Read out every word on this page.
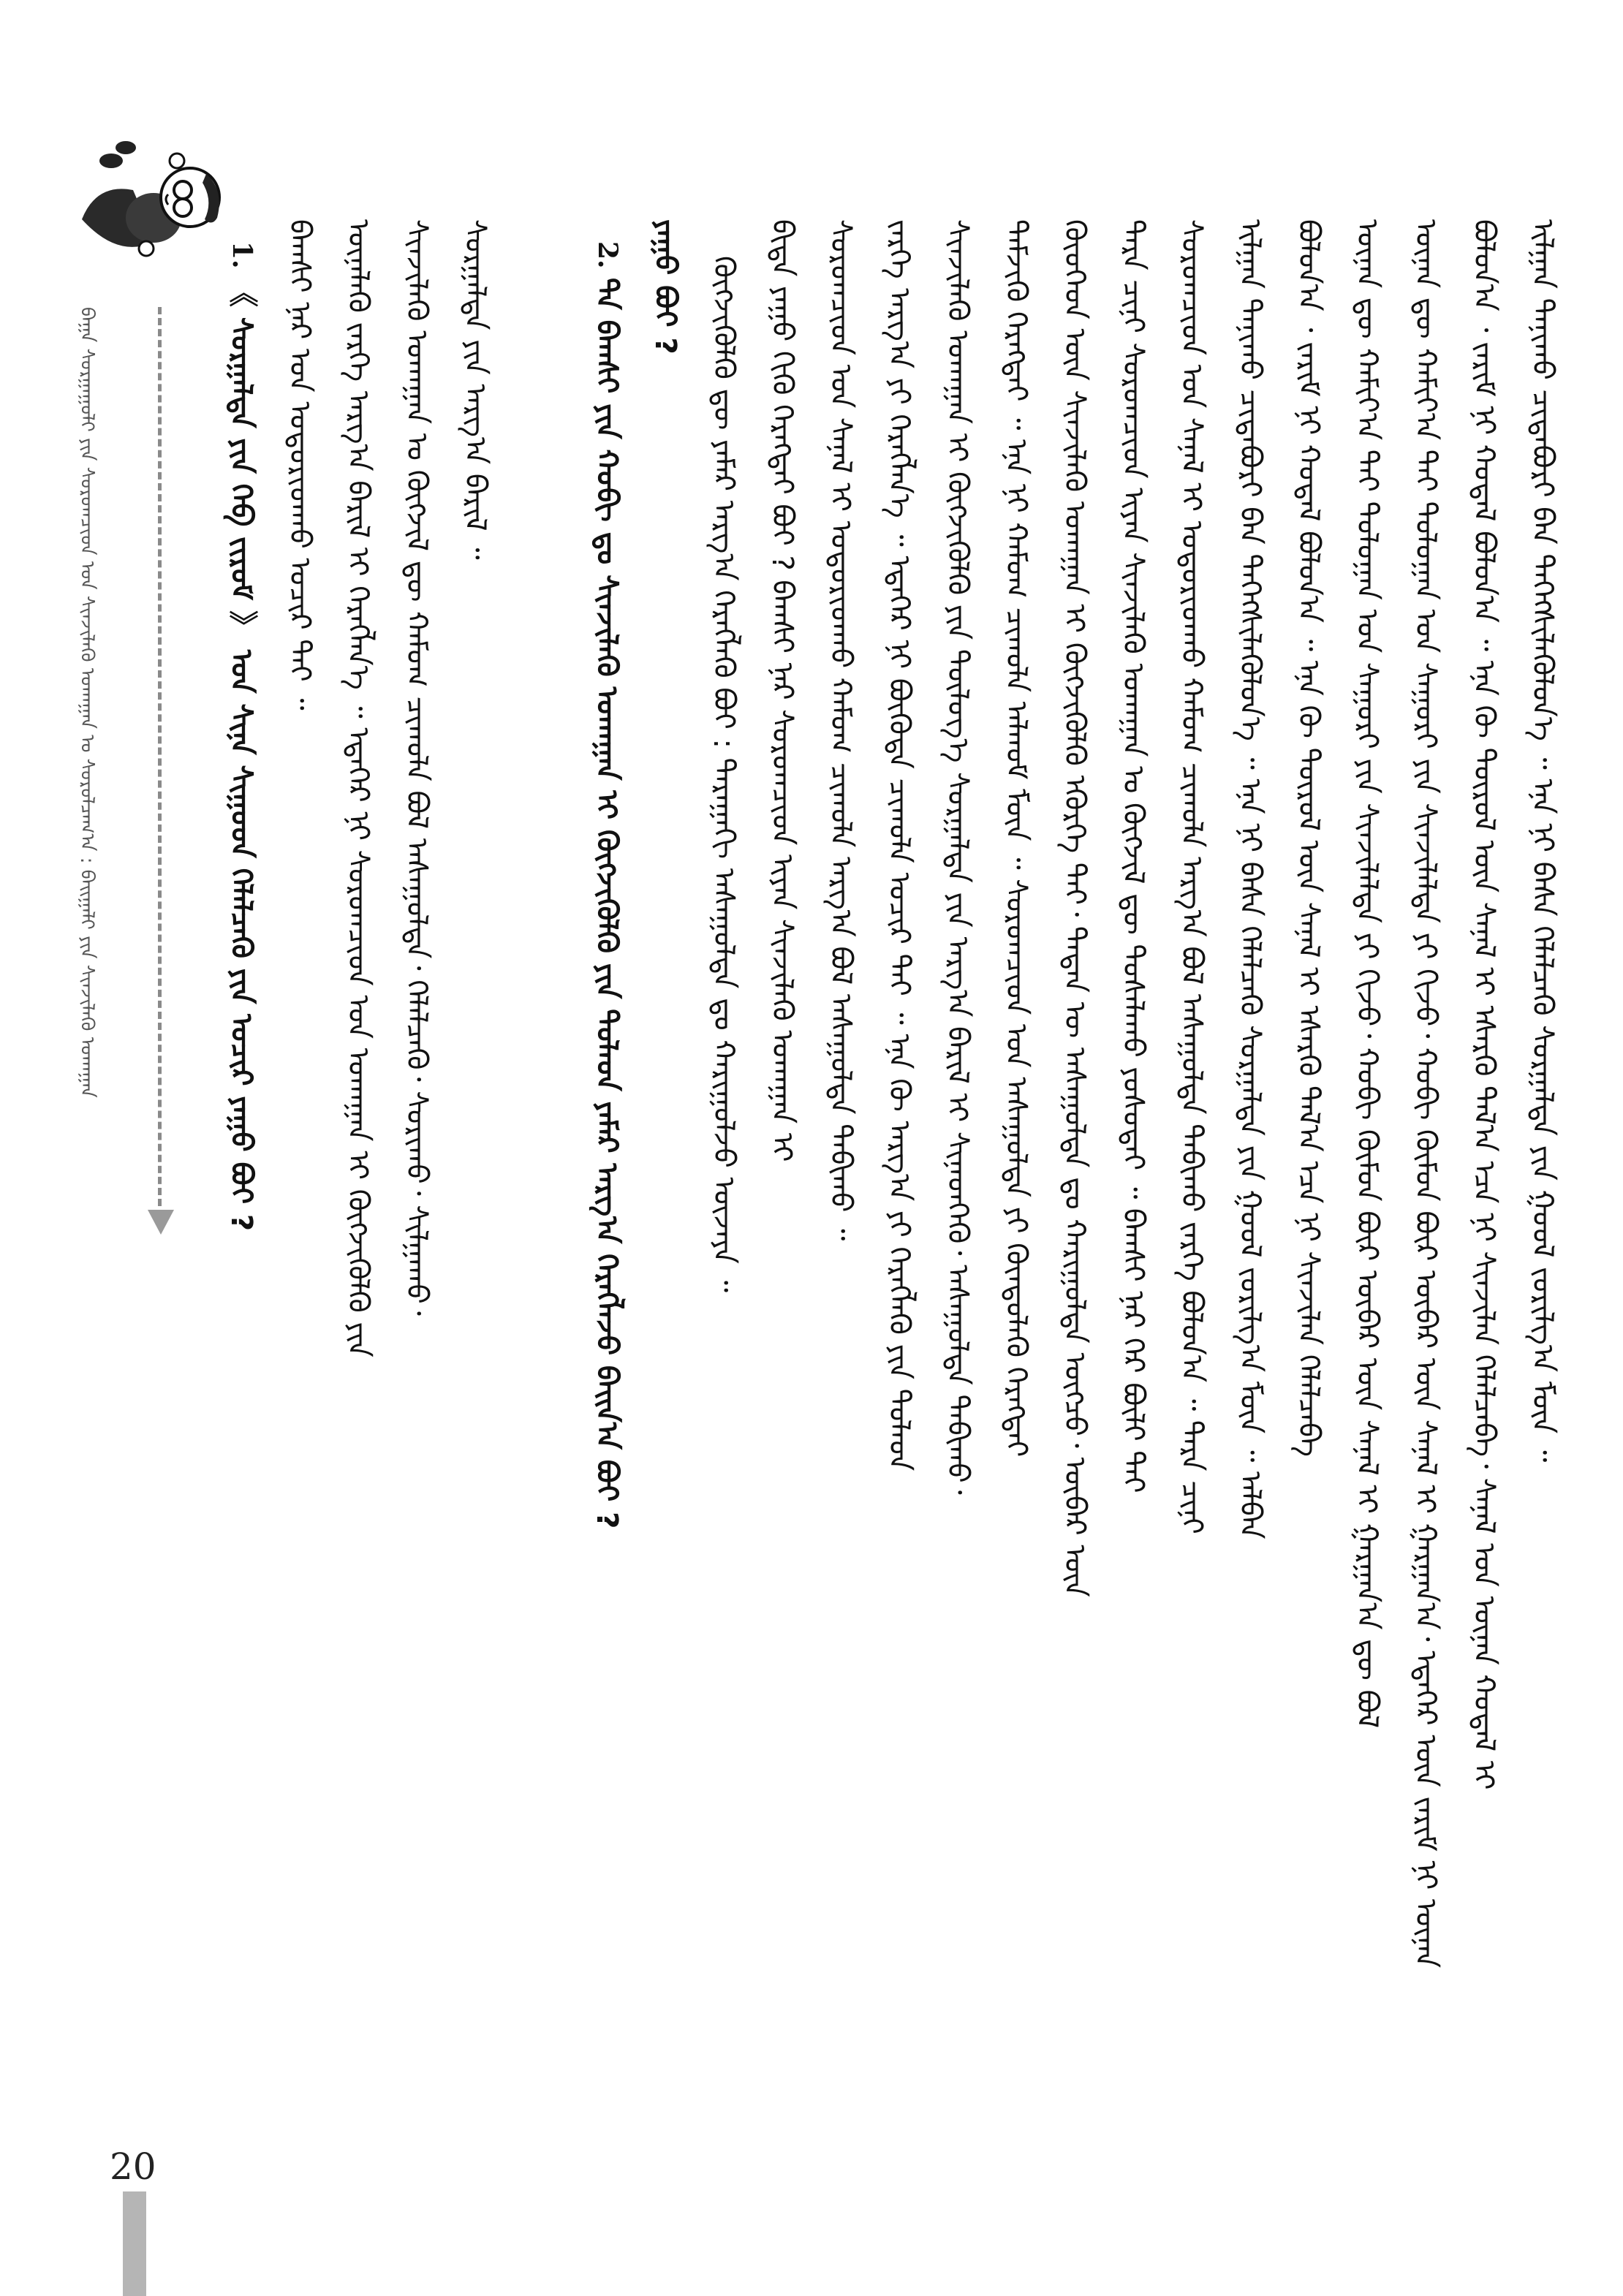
ᠪᠠᠭᠠ ᠰᠤᠷᠭᠠᠭᠤᠯᠢ ᠶᠢᠨ ᠰᠤᠷᠤᠭᠴᠢᠳ ᠤᠨ ᠰᠢᠨᠵᠢᠯᠡᠬᠦ ᠤᠬᠠᠭᠠᠨ ᠤ ᠰᠤᠷᠤᠯᠴᠠᠭ᠎ᠠ : ᠪᠠᠢᠭᠠᠯᠢ ᠶᠢᠨ ᠰᠢᠨᠵᠢᠯᠡᠬᠦ ᠤᠬᠠᠭᠠᠨ
1.
《 ᠰᠤᠷᠭᠠᠯᠲᠠ ᠶᠢᠨ ᠬᠡᠪ ᠵᠢᠷᠤᠮ 》 ᠤᠨ ᠰᠢᠨᠡ ᠰᠢᠭᠤᠳ ᠬᠡᠯᠡᠯᠴᠡᠬᠦ ᠶᠢᠨ ᠤᠴᠢᠷ ᠶᠠᠭᠤ ᠪᠤᠢ ? ᠪᠠᠭᠰᠢ ᠨᠠᠷ ᠤᠨ ᠤᠳᠤᠷᠢᠳᠬᠤ ᠤᠴᠢᠷ ᠲᠠᠢ ᠃ ᠦᠨᠡᠯᠡᠬᠦ ᠵᠡᠷᠭᠡ ᠠᠷᠭ᠎ᠠ ᠪᠠᠷᠢᠯ ᠢ ᠬᠡᠷᠡᠭᠯᠡᠨ᠎ᠡ ᠃ ᠡᠳᠡᠭᠡᠷ ᠨᠢ ᠰᠤᠷᠤᠭᠴᠢᠳ ᠤᠨ ᠤᠬᠠᠭᠠᠨ ᠢ ᠬᠥᠭᠵᠢᠭᠦᠯᠬᠦ ᠶᠢᠨ ᠰᠢᠨᠵᠢᠯᠡᠬᠦ ᠤᠬᠠᠭᠠᠨ ᠤ ᠬᠥᠭᠵᠢᠯ ᠳᠦ ᠬᠠᠮᠤᠭ ᠴᠢᠬᠤᠯᠠ ᠪᠣᠯ ᠠᠰᠠᠭᠤᠯᠲᠠ᠂ ᠬᠡᠯᠡᠯᠴᠡᠬᠦ᠂ ᠰᠣᠷᠢᠬᠤ᠂ ᠰᠢᠯᠭᠠᠬᠤ᠂ ᠰᠤᠷᠭᠠᠯᠲᠠ ᠶᠢᠨ ᠠᠷᠭ᠎ᠠ ᠪᠠᠷᠢᠯ ᠃	2.
ᠲᠠ ᠪᠠᠭᠰᠢ ᠶᠢᠨ ᠬᠤᠪᠢ ᠳᠤ ᠰᠢᠨᠵᠢᠯᠡᠬᠦ ᠤᠬᠠᠭᠠᠨ ᠢ ᠬᠥᠭᠵᠢᠭᠦᠯᠬᠦ ᠶᠢᠨ ᠲᠤᠯᠠᠳ ᠶᠠᠮᠠᠷ ᠠᠷᠭ᠎ᠠ ᠬᠡᠷᠡᠭᠯᠡᠵᠦ ᠪᠠᠢᠨ᠎ᠠ ᠪᠤᠢ ? ᠶᠠᠭᠤ ᠪᠤᠢ ? ᠬᠥᠭᠵᠢᠭᠦᠯᠬᠦ ᠳᠦ ᠶᠠᠮᠠᠷ ᠠᠷᠭ᠎ᠠ ᠬᠡᠷᠡᠭᠯᠡᠬᠦ ᠪᠤᠢ : ᠳᠠᠷᠠᠭᠠᠬᠢ ᠠᠰᠠᠭᠤᠯᠲᠠ ᠳᠤ ᠬᠠᠷᠢᠭᠤᠯᠵᠤ ᠦᠵᠡᠶᠡ ᠃ ᠪᠢᠳᠡ ᠶᠠᠭᠤ ᠬᠢᠬᠦ ᠬᠡᠷᠡᠭᠲᠡᠢ ᠪᠤᠢ ? ᠪᠠᠭᠰᠢ ᠨᠠᠷ ᠰᠤᠷᠤᠭᠴᠢᠳ ᠢᠶᠠᠨ ᠰᠢᠨᠵᠢᠯᠡᠬᠦ ᠤᠬᠠᠭᠠᠨ ᠢ ᠰᠤᠷᠤᠭᠴᠢᠳ ᠤᠨ ᠰᠠᠨᠠᠯ ᠢ ᠤᠳᠤᠷᠢᠳᠬᠤ ᠬᠠᠮᠤᠭ ᠴᠢᠬᠤᠯᠠ ᠠᠷᠭ᠎ᠠ ᠪᠣᠯ ᠠᠰᠠᠭᠤᠯᠲᠠ ᠲᠠᠪᠢᠬᠤ ᠃ ᠵᠡᠷᠭᠡ ᠠᠷᠭ᠎ᠠ ᠶᠢ ᠬᠡᠷᠡᠭᠯᠡᠨ᠎ᠡ ᠃ ᠡᠳᠡᠭᠡᠷ ᠨᠢ ᠪᠦᠭᠦᠳᠡ ᠴᠢᠬᠤᠯᠠ ᠤᠴᠢᠷ ᠲᠠᠢ ᠃ ᠡᠨᠡ ᠬᠦ ᠠᠷᠭ᠎ᠠ ᠶᠢ ᠬᠡᠷᠡᠭᠯᠡᠬᠦ ᠶᠢᠨ ᠲᠤᠯᠠᠳ ᠰᠢᠨᠵᠢᠯᠡᠬᠦ ᠤᠬᠠᠭᠠᠨ ᠢ ᠬᠥᠭᠵᠢᠭᠦᠯᠬᠦ ᠶᠢᠨ ᠲᠥᠯᠥᠭ᠎ᠡ ᠰᠤᠷᠭᠠᠯᠲᠠ ᠶᠢᠨ ᠠᠷᠭ᠎ᠠ ᠪᠠᠷᠢᠯ ᠢ ᠰᠢᠨᠡᠳᠭᠡᠬᠦ᠂ ᠠᠰᠠᠭᠤᠯᠲᠠ ᠲᠠᠪᠢᠬᠤ᠂ ᠳᠡᠮᠵᠢᠬᠦ ᠬᠡᠷᠡᠭᠲᠡᠢ ᠃ ᠡᠨᠡ ᠨᠢ ᠬᠠᠮᠤᠭ ᠴᠢᠬᠤᠯᠠ ᠠᠯᠬᠤᠮ ᠮᠥᠨ ᠃ ᠰᠤᠷᠤᠭᠴᠢᠳ ᠤᠨ ᠠᠰᠠᠭᠤᠯᠲᠠ ᠶᠢ ᠬᠦᠨᠳᠦᠯᠡᠬᠦ ᠬᠡᠷᠡᠭᠲᠡᠢ ᠬᠦᠦᠬᠡᠳ ᠦᠨ ᠰᠢᠨᠵᠢᠯᠡᠬᠦ ᠤᠬᠠᠭᠠᠨ ᠢ ᠬᠥᠭᠵᠢᠭᠦᠯᠬᠦ ᠡᠭᠦᠷᠭᠡ ᠲᠠᠢ᠂ ᠲᠡᠳᠡᠨ ᠦ ᠠᠰᠠᠭᠤᠯᠲᠠ ᠳᠤ ᠬᠠᠷᠢᠭᠤᠯᠲᠠ ᠥᠭᠴᠦ᠂ ᠥᠪᠡᠷ ᠦᠨ ᠲᠡᠷᠡ ᠴᠢᠨᠢ ᠰᠤᠷᠤᠭᠴᠢᠳ ᠢᠶᠠᠨ ᠰᠢᠨᠵᠢᠯᠡᠬᠦ ᠤᠬᠠᠭᠠᠨ ᠤ ᠬᠥᠭᠵᠢᠯ ᠳᠦ ᠲᠤᠰᠠᠯᠠᠬᠤ ᠶᠤᠰᠤᠲᠠᠢ ᠃ ᠪᠠᠭᠰᠢ ᠨᠠᠷ ᠭᠡᠷ ᠪᠦᠯᠢ ᠲᠠᠢ ᠰᠤᠷᠤᠭᠴᠢᠳ ᠤᠨ ᠰᠠᠨᠠᠯ ᠢ ᠤᠳᠤᠷᠢᠳᠬᠤ ᠬᠠᠮᠤᠭ ᠴᠢᠬᠤᠯᠠ ᠠᠷᠭ᠎ᠠ ᠪᠣᠯ ᠠᠰᠠᠭᠤᠯᠲᠠ ᠲᠠᠪᠢᠬᠤ ᠵᠡᠷᠭᠡ ᠪᠣᠯᠤᠨ᠎ᠠ ᠃ ᠲᠡᠷᠡ ᠴᠢᠨᠢ ᠢᠯᠭᠠᠨ ᠲᠠᠨᠢᠬᠤ ᠴᠢᠳᠠᠪᠤᠷᠢ ᠪᠡᠨ ᠳᠡᠭᠡᠭᠰᠢᠯᠡᠭᠦᠯᠦᠨ᠎ᠡ ᠃ ᠡᠨᠡ ᠨᠢ ᠪᠠᠰᠠ ᠬᠡᠯᠡᠯᠴᠡᠬᠦ ᠰᠤᠷᠭᠠᠯᠲᠠ ᠶᠢᠨ ᠭᠣᠣᠯ ᠵᠣᠷᠢᠯᠭ᠎ᠠ ᠮᠥᠨ ᠃ ᠠᠯᠪᠠᠨ ᠪᠣᠯᠣᠨ᠎ᠠ ᠂ ᠵᠠᠷᠢᠮ ᠨᠢ ᠬᠣᠳᠠᠯ ᠪᠣᠯᠣᠨ᠎ᠠ ᠃ ᠡᠨᠡ ᠬᠦ ᠲᠦᠷᠦᠯ ᠦᠨ ᠰᠠᠨᠠᠯ ᠢ ᠡᠰᠡᠷᠭᠦ ᠲᠠᠯ᠎ᠠ ᠡᠴᠡ ᠨᠢ ᠰᠢᠨᠵᠢᠯᠡᠨ ᠬᠡᠯᠡᠯᠴᠡᠪᠡ ᠦᠨᠡᠨ ᠳᠦ ᠬᠠᠮᠢᠶ᠎ᠠ ᠲᠠᠢ ᠳᠤᠯᠤᠭᠠᠨ ᠤᠨ ᠰᠠᠭᠤᠷᠢ ᠶᠢᠨ ᠰᠢᠨᠵᠢᠯᠡᠯᠲᠡ ᠶᠢ ᠬᠢᠵᠦ᠂ ᠬᠤᠪᠢ ᠬᠦᠮᠦᠨ ᠪᠦᠷ ᠦᠪᠡᠷ ᠦᠨ ᠰᠠᠨᠠᠯ ᠢ ᠭᠠᠷᠭᠠᠨ᠎ᠠ ᠳᠦ ᠪᠣᠯ ᠦᠨᠡᠨ ᠳᠦ ᠬᠠᠮᠢᠶ᠎ᠠ ᠲᠠᠢ ᠳᠤᠯᠤᠭᠠᠨ ᠤᠨ ᠰᠠᠭᠤᠷᠢ ᠶᠢᠨ ᠰᠢᠨᠵᠢᠯᠡᠯᠲᠡ ᠶᠢ ᠬᠢᠵᠦ᠂ ᠬᠤᠪᠢ ᠬᠦᠮᠦᠨ ᠪᠦᠷ ᠦᠪᠡᠷ ᠦᠨ ᠰᠠᠨᠠᠯ ᠢ ᠭᠠᠷᠭᠠᠨ᠎ᠠ᠂ ᠡᠳᠡᠭᠡᠷ ᠦᠨ ᠵᠠᠷᠢᠮ ᠨᠢ ᠦᠨᠡᠨ ᠪᠣᠯᠣᠨ᠎ᠠ ᠂ ᠵᠠᠷᠢᠮ ᠨᠢ ᠬᠣᠳᠠᠯ ᠪᠣᠯᠣᠨ᠎ᠠ ᠃ ᠡᠨᠡ ᠬᠦ ᠲᠦᠷᠦᠯ ᠦᠨ ᠰᠠᠨᠠᠯ ᠢ ᠡᠰᠡᠷᠭᠦ ᠲᠠᠯ᠎ᠠ ᠡᠴᠡ ᠨᠢ ᠰᠢᠨᠵᠢᠯᠡᠨ ᠬᠡᠯᠡᠯᠴᠡᠪᠡ᠂ ᠰᠠᠨᠠᠯ ᠤᠨ ᠦᠨᠡᠨ ᠬᠣᠳᠠᠯ ᠢ ᠢᠯᠭᠠᠨ ᠲᠠᠨᠢᠬᠤ ᠴᠢᠳᠠᠪᠤᠷᠢ ᠪᠡᠨ ᠳᠡᠭᠡᠭᠰᠢᠯᠡᠭᠦᠯᠦᠨ᠎ᠡ ᠃ ᠡᠨᠡ ᠨᠢ ᠪᠠᠰᠠ ᠬᠡᠯᠡᠯᠴᠡᠬᠦ ᠰᠤᠷᠭᠠᠯᠲᠠ ᠶᠢᠨ ᠭᠣᠣᠯ ᠵᠣᠷᠢᠯᠭ᠎ᠠ ᠮᠥᠨ ᠃
20
